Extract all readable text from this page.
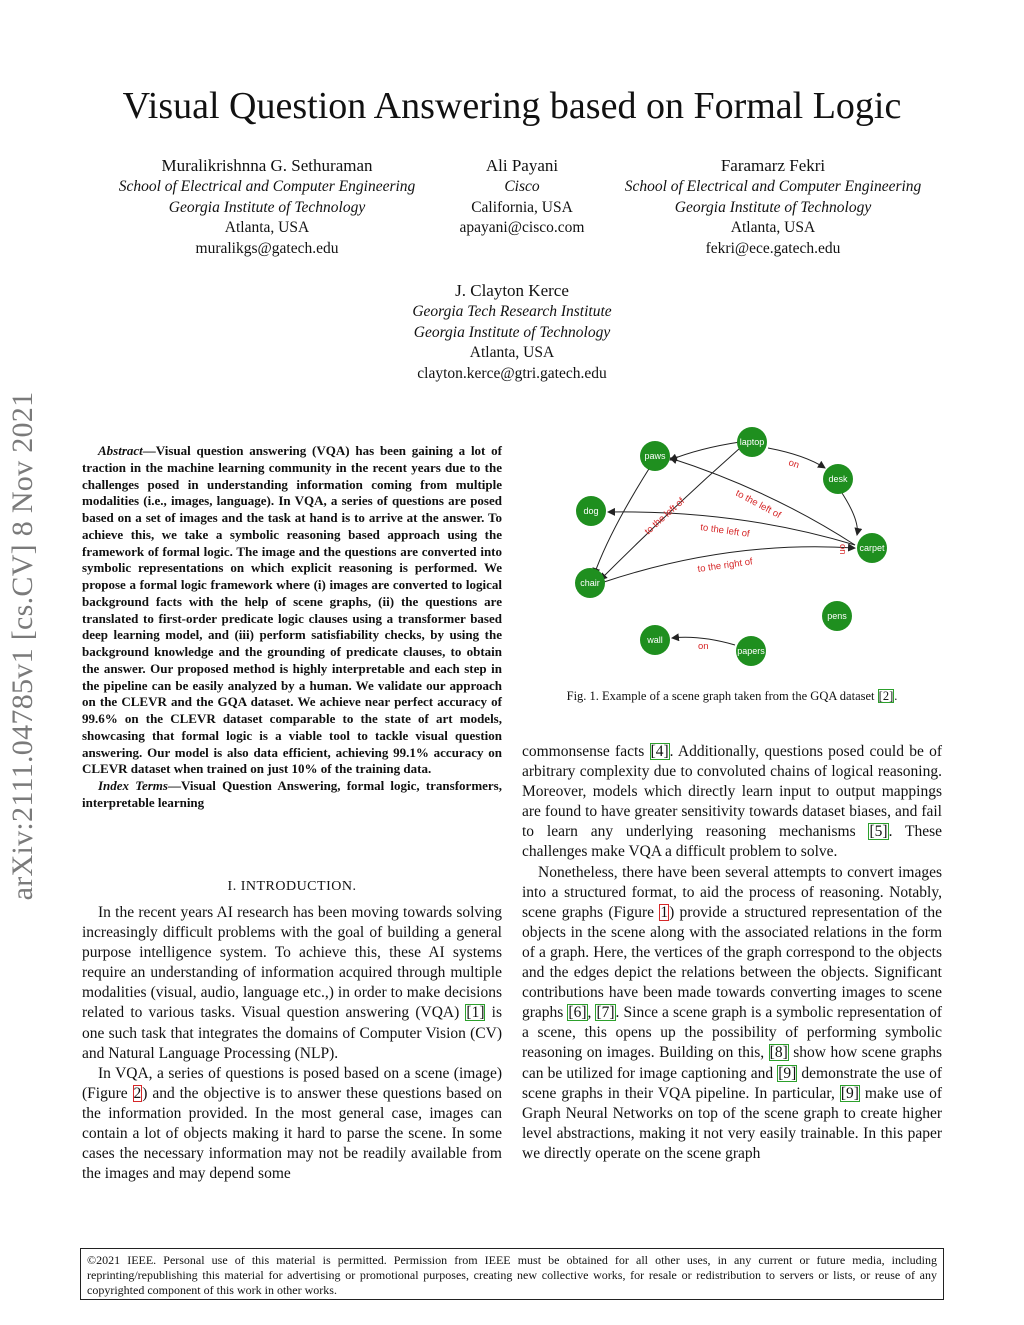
arXiv:2111.04785v1 [cs.CV] 8 Nov 2021
Visual Question Answering based on Formal Logic
Muralikrishnna G. Sethuraman
School of Electrical and Computer Engineering
Georgia Institute of Technology
Atlanta, USA
muralikgs@gatech.edu
Ali Payani
Cisco
California, USA
apayani@cisco.com
Faramarz Fekri
School of Electrical and Computer Engineering
Georgia Institute of Technology
Atlanta, USA
fekri@ece.gatech.edu
J. Clayton Kerce
Georgia Tech Research Institute
Georgia Institute of Technology
Atlanta, USA
clayton.kerce@gtri.gatech.edu

Abstract—Visual question answering (VQA) has been gaining a lot of traction in the machine learning community in the recent years due to the challenges posed in understanding information coming from multiple modalities (i.e., images, language). In VQA, a series of questions are posed based on a set of images and the task at hand is to arrive at the answer. To achieve this, we take a symbolic reasoning based approach using the framework of formal logic. The image and the questions are converted into symbolic representations on which explicit reasoning is performed. We propose a formal logic framework where (i) images are converted to logical background facts with the help of scene graphs, (ii) the questions are translated to first-order predicate logic clauses using a transformer based deep learning model, and (iii) perform satisfiability checks, by using the background knowledge and the grounding of predicate clauses, to obtain the answer. Our proposed method is highly interpretable and each step in the pipeline can be easily analyzed by a human. We validate our approach on the CLEVR and the GQA dataset. We achieve near perfect accuracy of 99.6% on the CLEVR dataset comparable to the state of art models, showcasing that formal logic is a viable tool to tackle visual question answering. Our model is also data efficient, achieving 99.1% accuracy on CLEVR dataset when trained on just 10% of the training data.

Index Terms—Visual Question Answering, formal logic, transformers, interpretable learning

I. INTRODUCTION.

In the recent years AI research has been moving towards solving increasingly difficult problems with the goal of building a general purpose intelligence system. To achieve this, these AI systems require an understanding of information acquired through multiple modalities (visual, audio, language etc.,) in order to make decisions related to various tasks. Visual question answering (VQA) [1] is one such task that integrates the domains of Computer Vision (CV) and Natural Language Processing (NLP).

In VQA, a series of questions is posed based on a scene (image) (Figure 2) and the objective is to answer these questions based on the information provided. In the most general case, images can contain a lot of objects making it hard to parse the scene. In some cases the necessary information may not be readily available from the images and may depend some

on
to the left of
to the left of to the left of
on
to the right of
on
paws
laptop
desk
dog
carpet
chair
pens
wall
papers
Fig. 1. Example of a scene graph taken from the GQA dataset [2].

commonsense facts [4]. Additionally, questions posed could be of arbitrary complexity due to convoluted chains of logical reasoning. Moreover, models which directly learn input to output mappings are found to have greater sensitivity towards dataset biases, and fail to learn any underlying reasoning mechanisms [5]. These challenges make VQA a difficult problem to solve.

Nonetheless, there have been several attempts to convert images into a structured format, to aid the process of reasoning. Notably, scene graphs (Figure 1) provide a structured representation of the objects in the scene along with the associated relations in the form of a graph. Here, the vertices of the graph correspond to the objects and the edges depict the relations between the objects. Significant contributions have been made towards converting images to scene graphs [6], [7]. Since a scene graph is a symbolic representation of a scene, this opens up the possibility of performing symbolic reasoning on images. Building on this, [8] show how scene graphs can be utilized for image captioning and [9] demonstrate the use of scene graphs in their VQA pipeline. In particular, [9] make use of Graph Neural Networks on top of the scene graph to create higher level abstractions, making it not very easily trainable. In this paper we directly operate on the scene graph

©2021 IEEE. Personal use of this material is permitted. Permission from IEEE must be obtained for all other uses, in any current or future media, including reprinting/republishing this material for advertising or promotional purposes, creating new collective works, for resale or redistribution to servers or lists, or reuse of any copyrighted component of this work in other works.
